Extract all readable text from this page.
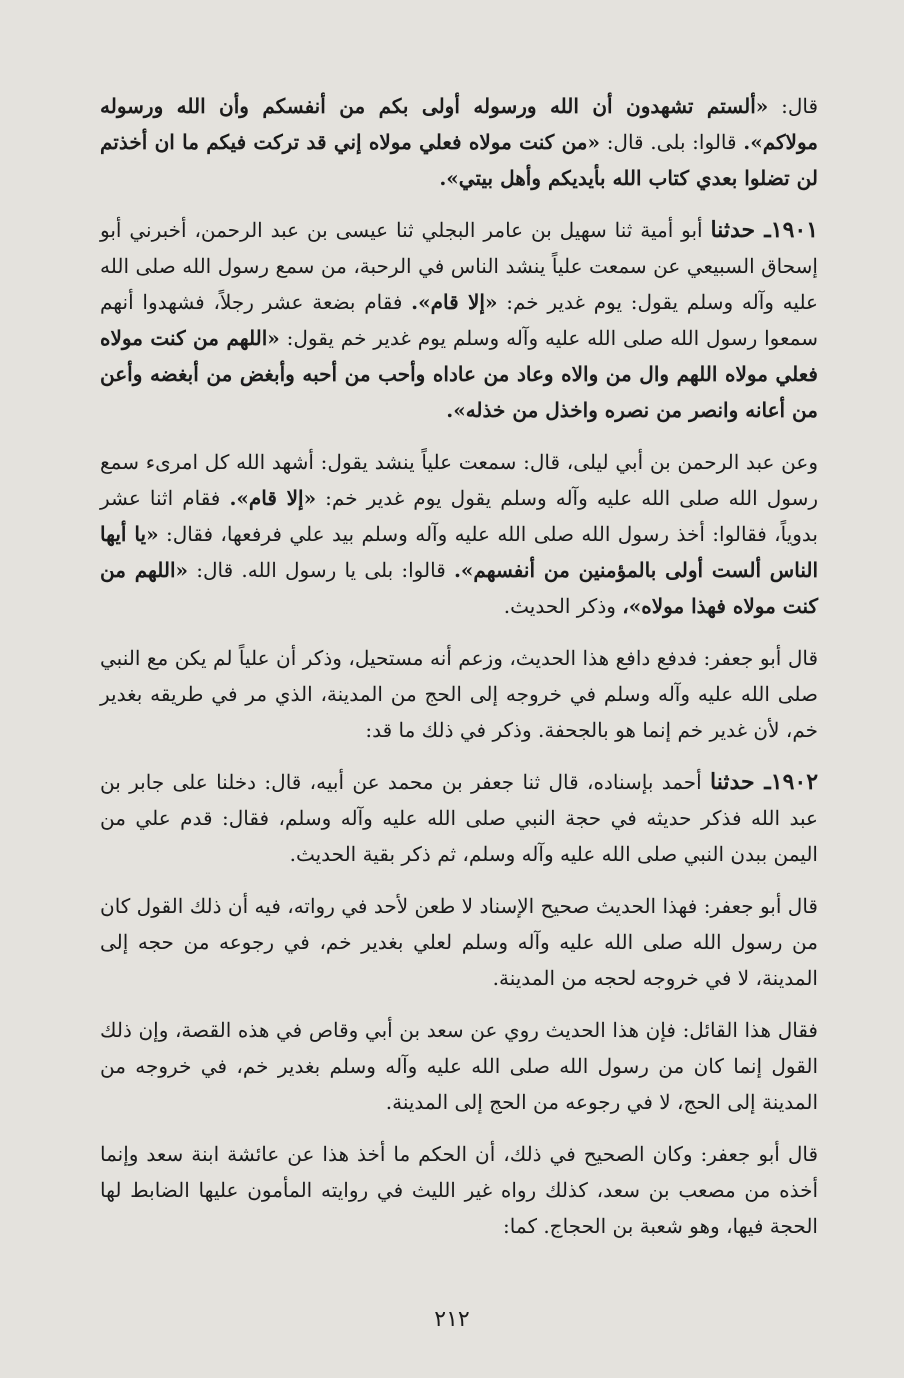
قال: «ألستم تشهدون أن الله ورسوله أولى بكم من أنفسكم وأن الله ورسوله مولاكم». قالوا: بلى. قال: «من كنت مولاه فعلي مولاه إني قد تركت فيكم ما ان أخذتم لن تضلوا بعدي كتاب الله بأيديكم وأهل بيتي».

١٩٠١ـ حدثنا أبو أمية ثنا سهيل بن عامر البجلي ثنا عيسى بن عبد الرحمن، أخبرني أبو إسحاق السبيعي عن سمعت علياً ينشد الناس في الرحبة، من سمع رسول الله صلى الله عليه وآله وسلم يقول: يوم غدير خم: «إلا قام». فقام بضعة عشر رجلاً، فشهدوا أنهم سمعوا رسول الله صلى الله عليه وآله وسلم يوم غدير خم يقول: «اللهم من كنت مولاه فعلي مولاه اللهم وال من والاه وعاد من عاداه وأحب من أحبه وأبغض من أبغضه وأعن من أعانه وانصر من نصره واخذل من خذله».

وعن عبد الرحمن بن أبي ليلى، قال: سمعت علياً ينشد يقول: أشهد الله كل امرىء سمع رسول الله صلى الله عليه وآله وسلم يقول يوم غدير خم: «إلا قام». فقام اثنا عشر بدوياً، فقالوا: أخذ رسول الله صلى الله عليه وآله وسلم بيد علي فرفعها، فقال: «يا أيها الناس ألست أولى بالمؤمنين من أنفسهم». قالوا: بلى يا رسول الله. قال: «اللهم من كنت مولاه فهذا مولاه»، وذكر الحديث.

قال أبو جعفر: فدفع دافع هذا الحديث، وزعم أنه مستحيل، وذكر أن علياً لم يكن مع النبي صلى الله عليه وآله وسلم في خروجه إلى الحج من المدينة، الذي مر في طريقه بغدير خم، لأن غدير خم إنما هو بالجحفة. وذكر في ذلك ما قد:

١٩٠٢ـ حدثنا أحمد بإسناده، قال ثنا جعفر بن محمد عن أبيه، قال: دخلنا على جابر بن عبد الله فذكر حديثه في حجة النبي صلى الله عليه وآله وسلم، فقال: قدم علي من اليمن ببدن النبي صلى الله عليه وآله وسلم، ثم ذكر بقية الحديث.

قال أبو جعفر: فهذا الحديث صحيح الإسناد لا طعن لأحد في رواته، فيه أن ذلك القول كان من رسول الله صلى الله عليه وآله وسلم لعلي بغدير خم، في رجوعه من حجه إلى المدينة، لا في خروجه لحجه من المدينة.

فقال هذا القائل: فإن هذا الحديث روي عن سعد بن أبي وقاص في هذه القصة، وإن ذلك القول إنما كان من رسول الله صلى الله عليه وآله وسلم بغدير خم، في خروجه من المدينة إلى الحج، لا في رجوعه من الحج إلى المدينة.

قال أبو جعفر: وكان الصحيح في ذلك، أن الحكم ما أخذ هذا عن عائشة ابنة سعد وإنما أخذه من مصعب بن سعد، كذلك رواه غير الليث في روايته المأمون عليها الضابط لها الحجة فيها، وهو شعبة بن الحجاج. كما:

٢١٢
